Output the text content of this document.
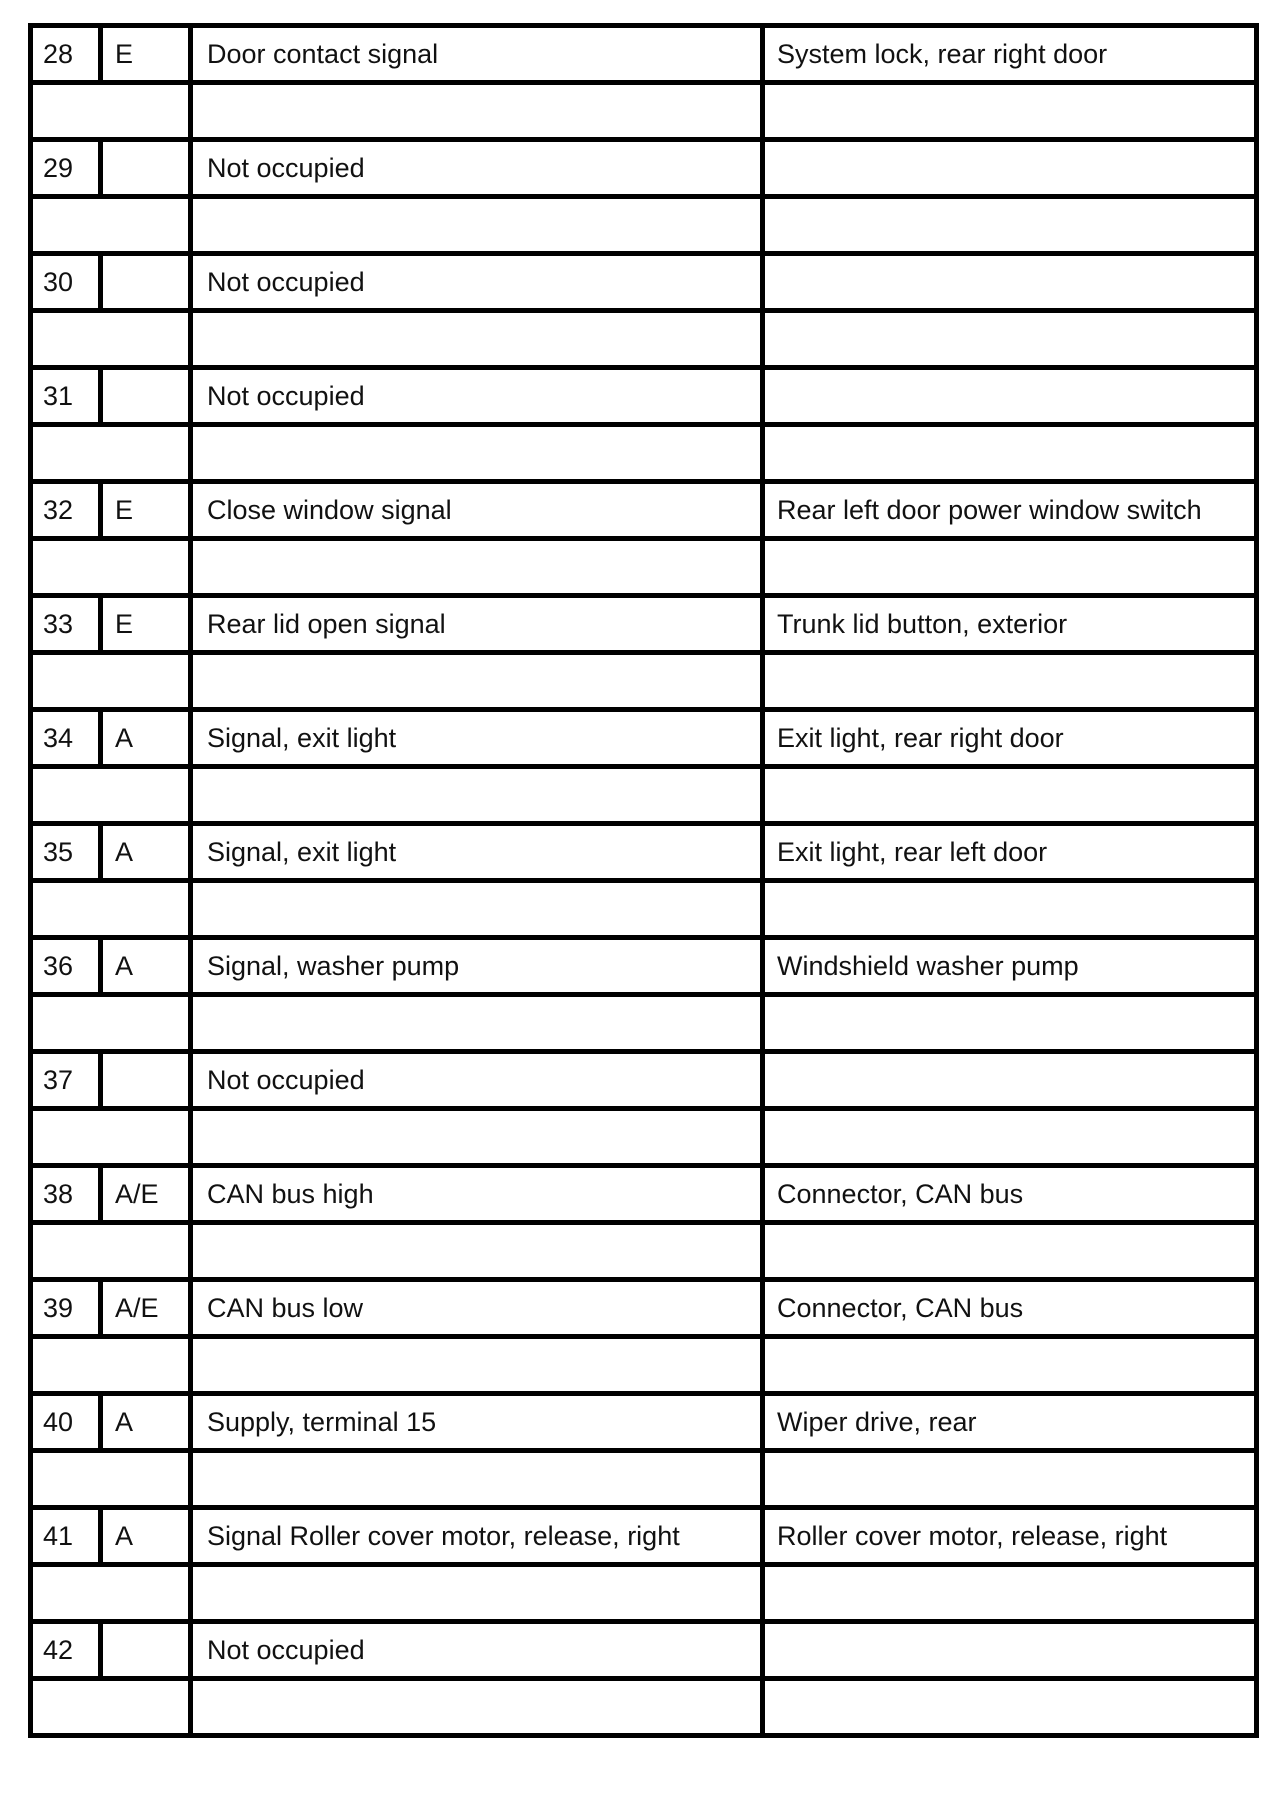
28	E	Door contact signal	System lock, rear right door

29		Not occupied	

30		Not occupied	

31		Not occupied	

32	E	Close window signal	Rear left door power window switch

33	E	Rear lid open signal	Trunk lid button, exterior

34	A	Signal, exit light	Exit light, rear right door

35	A	Signal, exit light	Exit light, rear left door

36	A	Signal, washer pump	Windshield washer pump

37		Not occupied	

38	A/E	CAN bus high	Connector, CAN bus

39	A/E	CAN bus low	Connector, CAN bus

40	A	Supply, terminal 15	Wiper drive, rear

41	A	Signal Roller cover motor, release, right	Roller cover motor, release, right

42		Not occupied	
